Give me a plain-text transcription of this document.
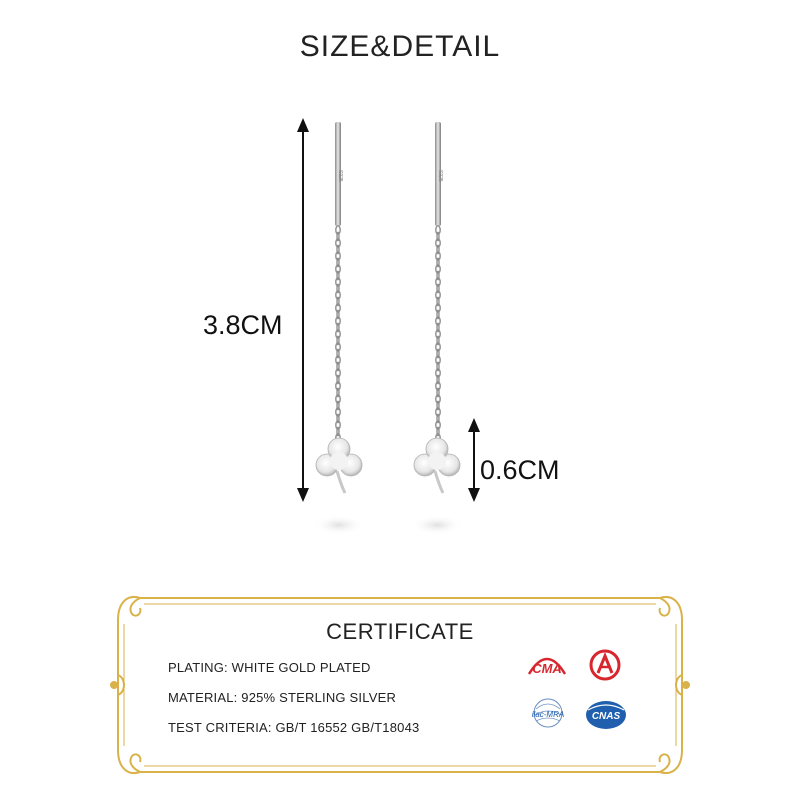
SIZE&DETAIL
S925	S925
3.8CM
0.6CM
CERTIFICATE
PLATING: WHITE GOLD PLATED
MATERIAL: 925% STERLING SILVER
TEST CRITERIA: GB/T 16552 GB/T18043
CMA
ilac-MRA	CNAS
